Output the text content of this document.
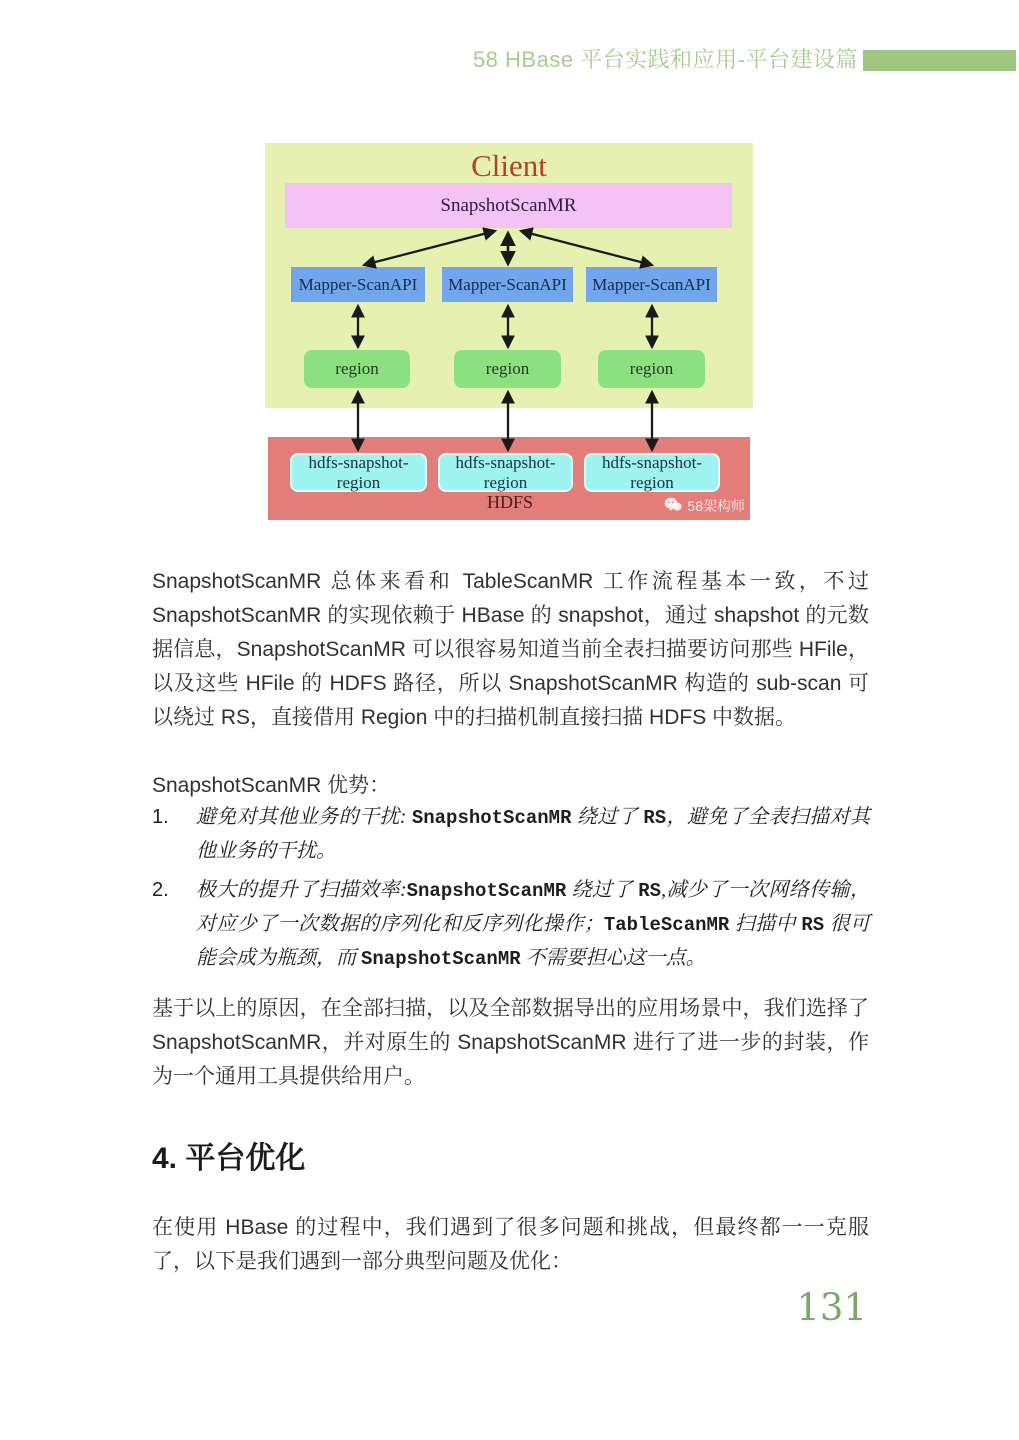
58 HBase 平台实践和应用-平台建设篇
Client
SnapshotScanMR
Mapper-ScanAPI	Mapper-ScanAPI	Mapper-ScanAPI
region	region	region
hdfs-snapshot-region
hdfs-snapshot-region
hdfs-snapshot-region
HDFS	58架构师

SnapshotScanMR 总体来看和 TableScanMR 工作流程基本一致，不过 SnapshotScanMR 的实现依赖于 HBase 的 snapshot，通过 shapshot 的元数据信息，SnapshotScanMR 可以很容易知道当前全表扫描要访问那些 HFile，以及这些 HFile 的 HDFS 路径，所以 SnapshotScanMR 构造的 sub-scan 可以绕过 RS，直接借用 Region 中的扫描机制直接扫描 HDFS 中数据。

SnapshotScanMR 优势：
1.	避免对其他业务的干扰: SnapshotScanMR 绕过了 RS，避免了全表扫描对其他业务的干扰。
2.	极大的提升了扫描效率:SnapshotScanMR 绕过了 RS,减少了一次网络传输，对应少了一次数据的序列化和反序列化操作；TableScanMR 扫描中 RS 很可能会成为瓶颈，而 SnapshotScanMR 不需要担心这一点。

基于以上的原因，在全部扫描，以及全部数据导出的应用场景中，我们选择了 SnapshotScanMR，并对原生的 SnapshotScanMR 进行了进一步的封装，作为一个通用工具提供给用户。

4. 平台优化

在使用 HBase 的过程中，我们遇到了很多问题和挑战，但最终都一一克服了，以下是我们遇到一部分典型问题及优化：

131
